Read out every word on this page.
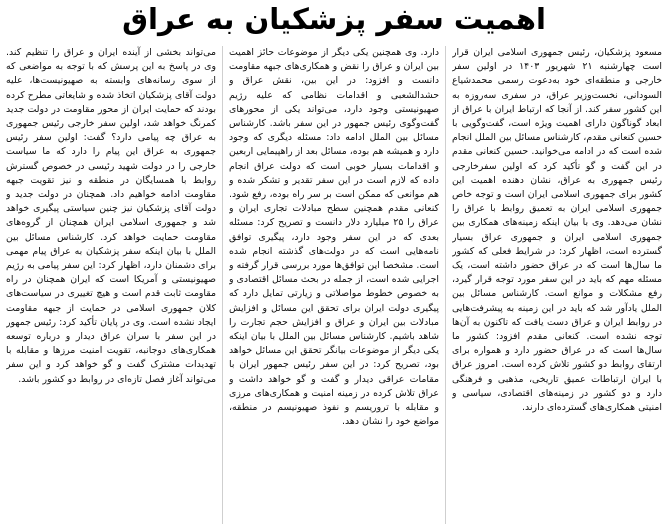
اهمیت سفر پزشکیان به عراق
مسعود پزشکیان، رئیس جمهوری اسلامی ایران قرار است چهارشنبه ۲۱ شهریور ۱۴۰۳ در اولین سفر خارجی و منطقه‌ای خود به‌دعوت رسمی محمدشیاع السودانی، نخست‌وزیر عراق، در سفری سه‌روزه به این کشور سفر کند. از آنجا که ارتباط ایران با عراق از ابعاد گوناگون دارای اهمیت ویژه است، گفت‌وگویی با حسین کنعانی مقدم، کارشناس مسائل بین الملل انجام شده است که در ادامه می‌خوانید. حسین کنعانی مقدم در این گفت و گو تأکید کرد که اولین سفرخارجی رئیس جمهوری به عراق، نشان دهنده اهمیت این کشور برای جمهوری اسلامی ایران است و توجه خاص جمهوری اسلامی ایران به تعمیق روابط با عراق را نشان می‌دهد. وی با بیان اینکه زمینه‌های همکاری بین جمهوری اسلامی ایران و جمهوری عراق بسیار گسترده است، اظهار کرد: در شرایط فعلی که کشور ما سال‌ها است که در عراق حضور داشته است، یک مسئله مهم که باید در این سفر مورد توجه قرار گیرد، رفع مشکلات و موانع است. کارشناس مسائل بین الملل یادآور شد که باید در این زمینه به پیشرفت‌هایی در روابط ایران و عراق دست یافت که تاکنون به آن‌ها توجه نشده است. کنعانی مقدم افزود: کشور ما سال‌ها است که در عراق حضور دارد و همواره برای ارتقای روابط دو کشور تلاش کرده است. امروز عراق با ایران ارتباطات عمیق تاریخی، مذهبی و فرهنگی دارد و دو کشور در زمینه‌های اقتصادی، سیاسی و امنیتی همکاری‌های گسترده‌ای دارند.
دارد. وی همچنین یکی دیگر از موضوعات حائز اهمیت بین ایران و عراق را نقض و همکاری‌های جبهه مقاومت دانست و افزود: در این بین، نقش عراق و حشدالشعبی و اقدامات نظامی که علیه رژیم صهیونیستی وجود دارد، می‌تواند یکی از محورهای گفت‌وگوی رئیس جمهور در این سفر باشد. کارشناس مسائل بین الملل ادامه داد: مسئله دیگری که وجود دارد و همیشه هم بوده، مسائل بعد از راهپیمایی اربعین و اقدامات بسیار خوبی است که دولت عراق انجام داده که لازم است در این سفر تقدیر و تشکر شده و هم موانعی که ممکن است بر سر راه بوده، رفع شود. کنعانی مقدم همچنین سطح مبادلات تجاری ایران و عراق را ۲۵ میلیارد دلار دانست و تصریح کرد: مسئله بعدی که در این سفر وجود دارد، پیگیری توافق نامه‌هایی است که در دولت‌های گذشته انجام شده است. مشخصا این توافق‌ها مورد بررسی قرار گرفته و اجرایی شده است، از جمله در بحث مسائل اقتصادی و به خصوص خطوط مواصلاتی و زیارتی تمایل دارد که پیگیری دولت ایران برای تحقق این مسائل و افزایش مبادلات بین ایران و عراق و افزایش حجم تجارت را شاهد باشیم. کارشناس مسائل بین الملل با بیان اینکه یکی دیگر از موضوعات بیانگر تحقق این مسائل خواهد بود، تصریح کرد: در این سفر رئیس جمهور ایران با مقامات عراقی دیدار و گفت و گو خواهد داشت و عراق تلاش کرده در زمینه امنیت و همکاری‌های مرزی و مقابله با تروریسم و نفوذ صهیونیسم در منطقه، مواضع خود را نشان دهد.
می‌تواند بخشی از آینده ایران و عراق را تنظیم کند. وی در پاسخ به این پرسش که با توجه به مواضعی که از سوی رسانه‌های وابسته به صهیونیست‌ها، علیه دولت آقای پزشکیان اتخاذ شده و شایعاتی مطرح کرده بودند که حمایت ایران از محور مقاومت در دولت جدید کمرنگ خواهد شد، اولین سفر خارجی رئیس جمهوری به عراق چه پیامی دارد؟ گفت: اولین سفر رئیس جمهوری به عراق این پیام را دارد که ما سیاست خارجی را در دولت شهید رئیسی در خصوص گسترش روابط با همسایگان در منطقه و نیز تقویت جبهه مقاومت ادامه خواهیم داد. همچنان در دولت جدید و دولت آقای پزشکیان نیز چنین سیاستی پیگیری خواهد شد و جمهوری اسلامی ایران همچنان از گروه‌های مقاومت حمایت خواهد کرد. کارشناس مسائل بین الملل با بیان اینکه سفر پزشکیان به عراق پیام مهمی برای دشمنان دارد، اظهار کرد: این سفر پیامی به رژیم صهیونیستی و آمریکا است که ایران همچنان در راه مقاومت ثابت قدم است و هیچ تغییری در سیاست‌های کلان جمهوری اسلامی در حمایت از جبهه مقاومت ایجاد نشده است. وی در پایان تأکید کرد: رئیس جمهور در این سفر با سران عراق دیدار و درباره توسعه همکاری‌های دوجانبه، تقویت امنیت مرزها و مقابله با تهدیدات مشترک گفت و گو خواهد کرد و این سفر می‌تواند آغاز فصل تازه‌ای در روابط دو کشور باشد.
